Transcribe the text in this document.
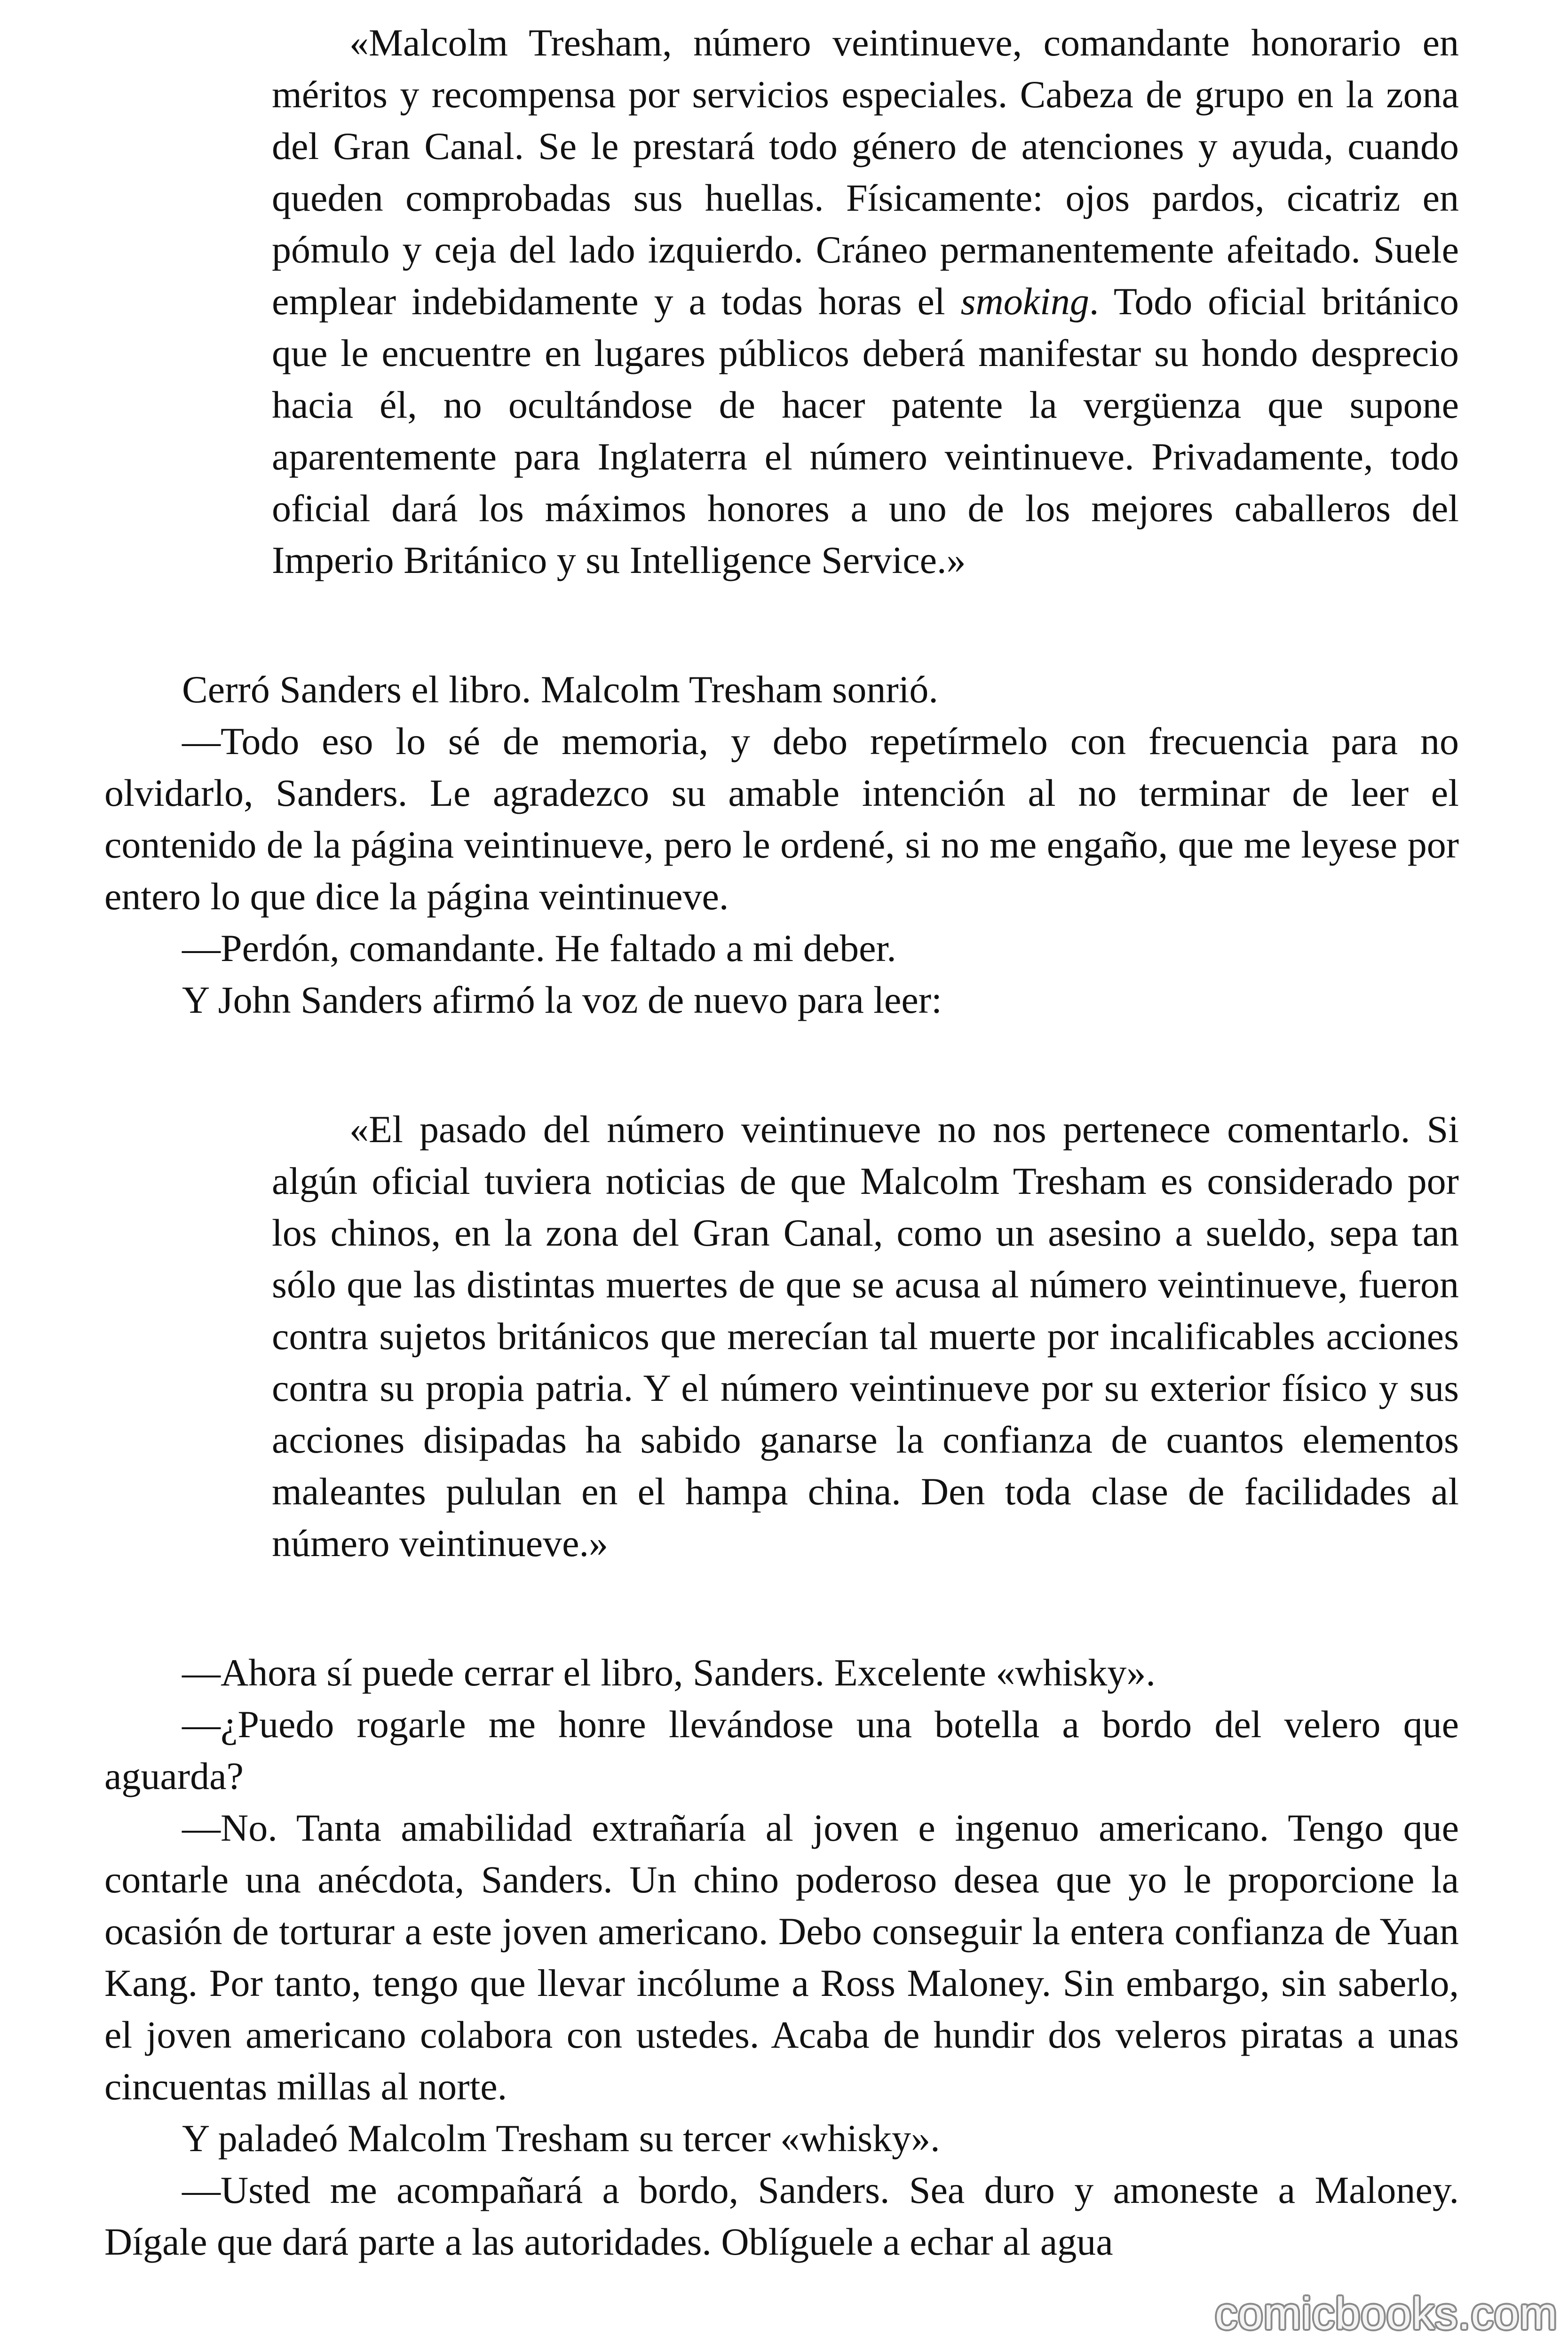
«Malcolm Tresham, número veintinueve, comandante honorario en méritos y recompensa por servicios especiales. Cabeza de grupo en la zona del Gran Canal. Se le prestará todo género de atenciones y ayuda, cuando queden comprobadas sus huellas. Físicamente: ojos pardos, cicatriz en pómulo y ceja del lado izquierdo. Cráneo permanentemente afeitado. Suele emplear indebidamente y a todas horas el smoking. Todo oficial británico que le encuentre en lugares públicos deberá manifestar su hondo desprecio hacia él, no ocultándose de hacer patente la vergüenza que supone aparentemente para Inglaterra el número veintinueve. Privadamente, todo oficial dará los máximos honores a uno de los mejores caballeros del Imperio Británico y su Intelligence Service.»

Cerró Sanders el libro. Malcolm Tresham sonrió.

—Todo eso lo sé de memoria, y debo repetírmelo con frecuencia para no olvidarlo, Sanders. Le agradezco su amable intención al no terminar de leer el contenido de la página veintinueve, pero le ordené, si no me engaño, que me leyese por entero lo que dice la página veintinueve.

—Perdón, comandante. He faltado a mi deber.

Y John Sanders afirmó la voz de nuevo para leer:

«El pasado del número veintinueve no nos pertenece comentarlo. Si algún oficial tuviera noticias de que Malcolm Tresham es considerado por los chinos, en la zona del Gran Canal, como un asesino a sueldo, sepa tan sólo que las distintas muertes de que se acusa al número veintinueve, fueron contra sujetos británicos que merecían tal muerte por incalificables acciones contra su propia patria. Y el número veintinueve por su exterior físico y sus acciones disipadas ha sabido ganarse la confianza de cuantos elementos maleantes pululan en el hampa china. Den toda clase de facilidades al número veintinueve.»

—Ahora sí puede cerrar el libro, Sanders. Excelente «whisky».

—¿Puedo rogarle me honre llevándose una botella a bordo del velero que aguarda?

—No. Tanta amabilidad extrañaría al joven e ingenuo americano. Tengo que contarle una anécdota, Sanders. Un chino poderoso desea que yo le proporcione la ocasión de torturar a este joven americano. Debo conseguir la entera confianza de Yuan Kang. Por tanto, tengo que llevar incólume a Ross Maloney. Sin embargo, sin saberlo, el joven americano colabora con ustedes. Acaba de hundir dos veleros piratas a unas cincuentas millas al norte.

Y paladeó Malcolm Tresham su tercer «whisky».

—Usted me acompañará a bordo, Sanders. Sea duro y amoneste a Maloney. Dígale que dará parte a las autoridades. Oblíguele a echar al agua

comicbooks.com
